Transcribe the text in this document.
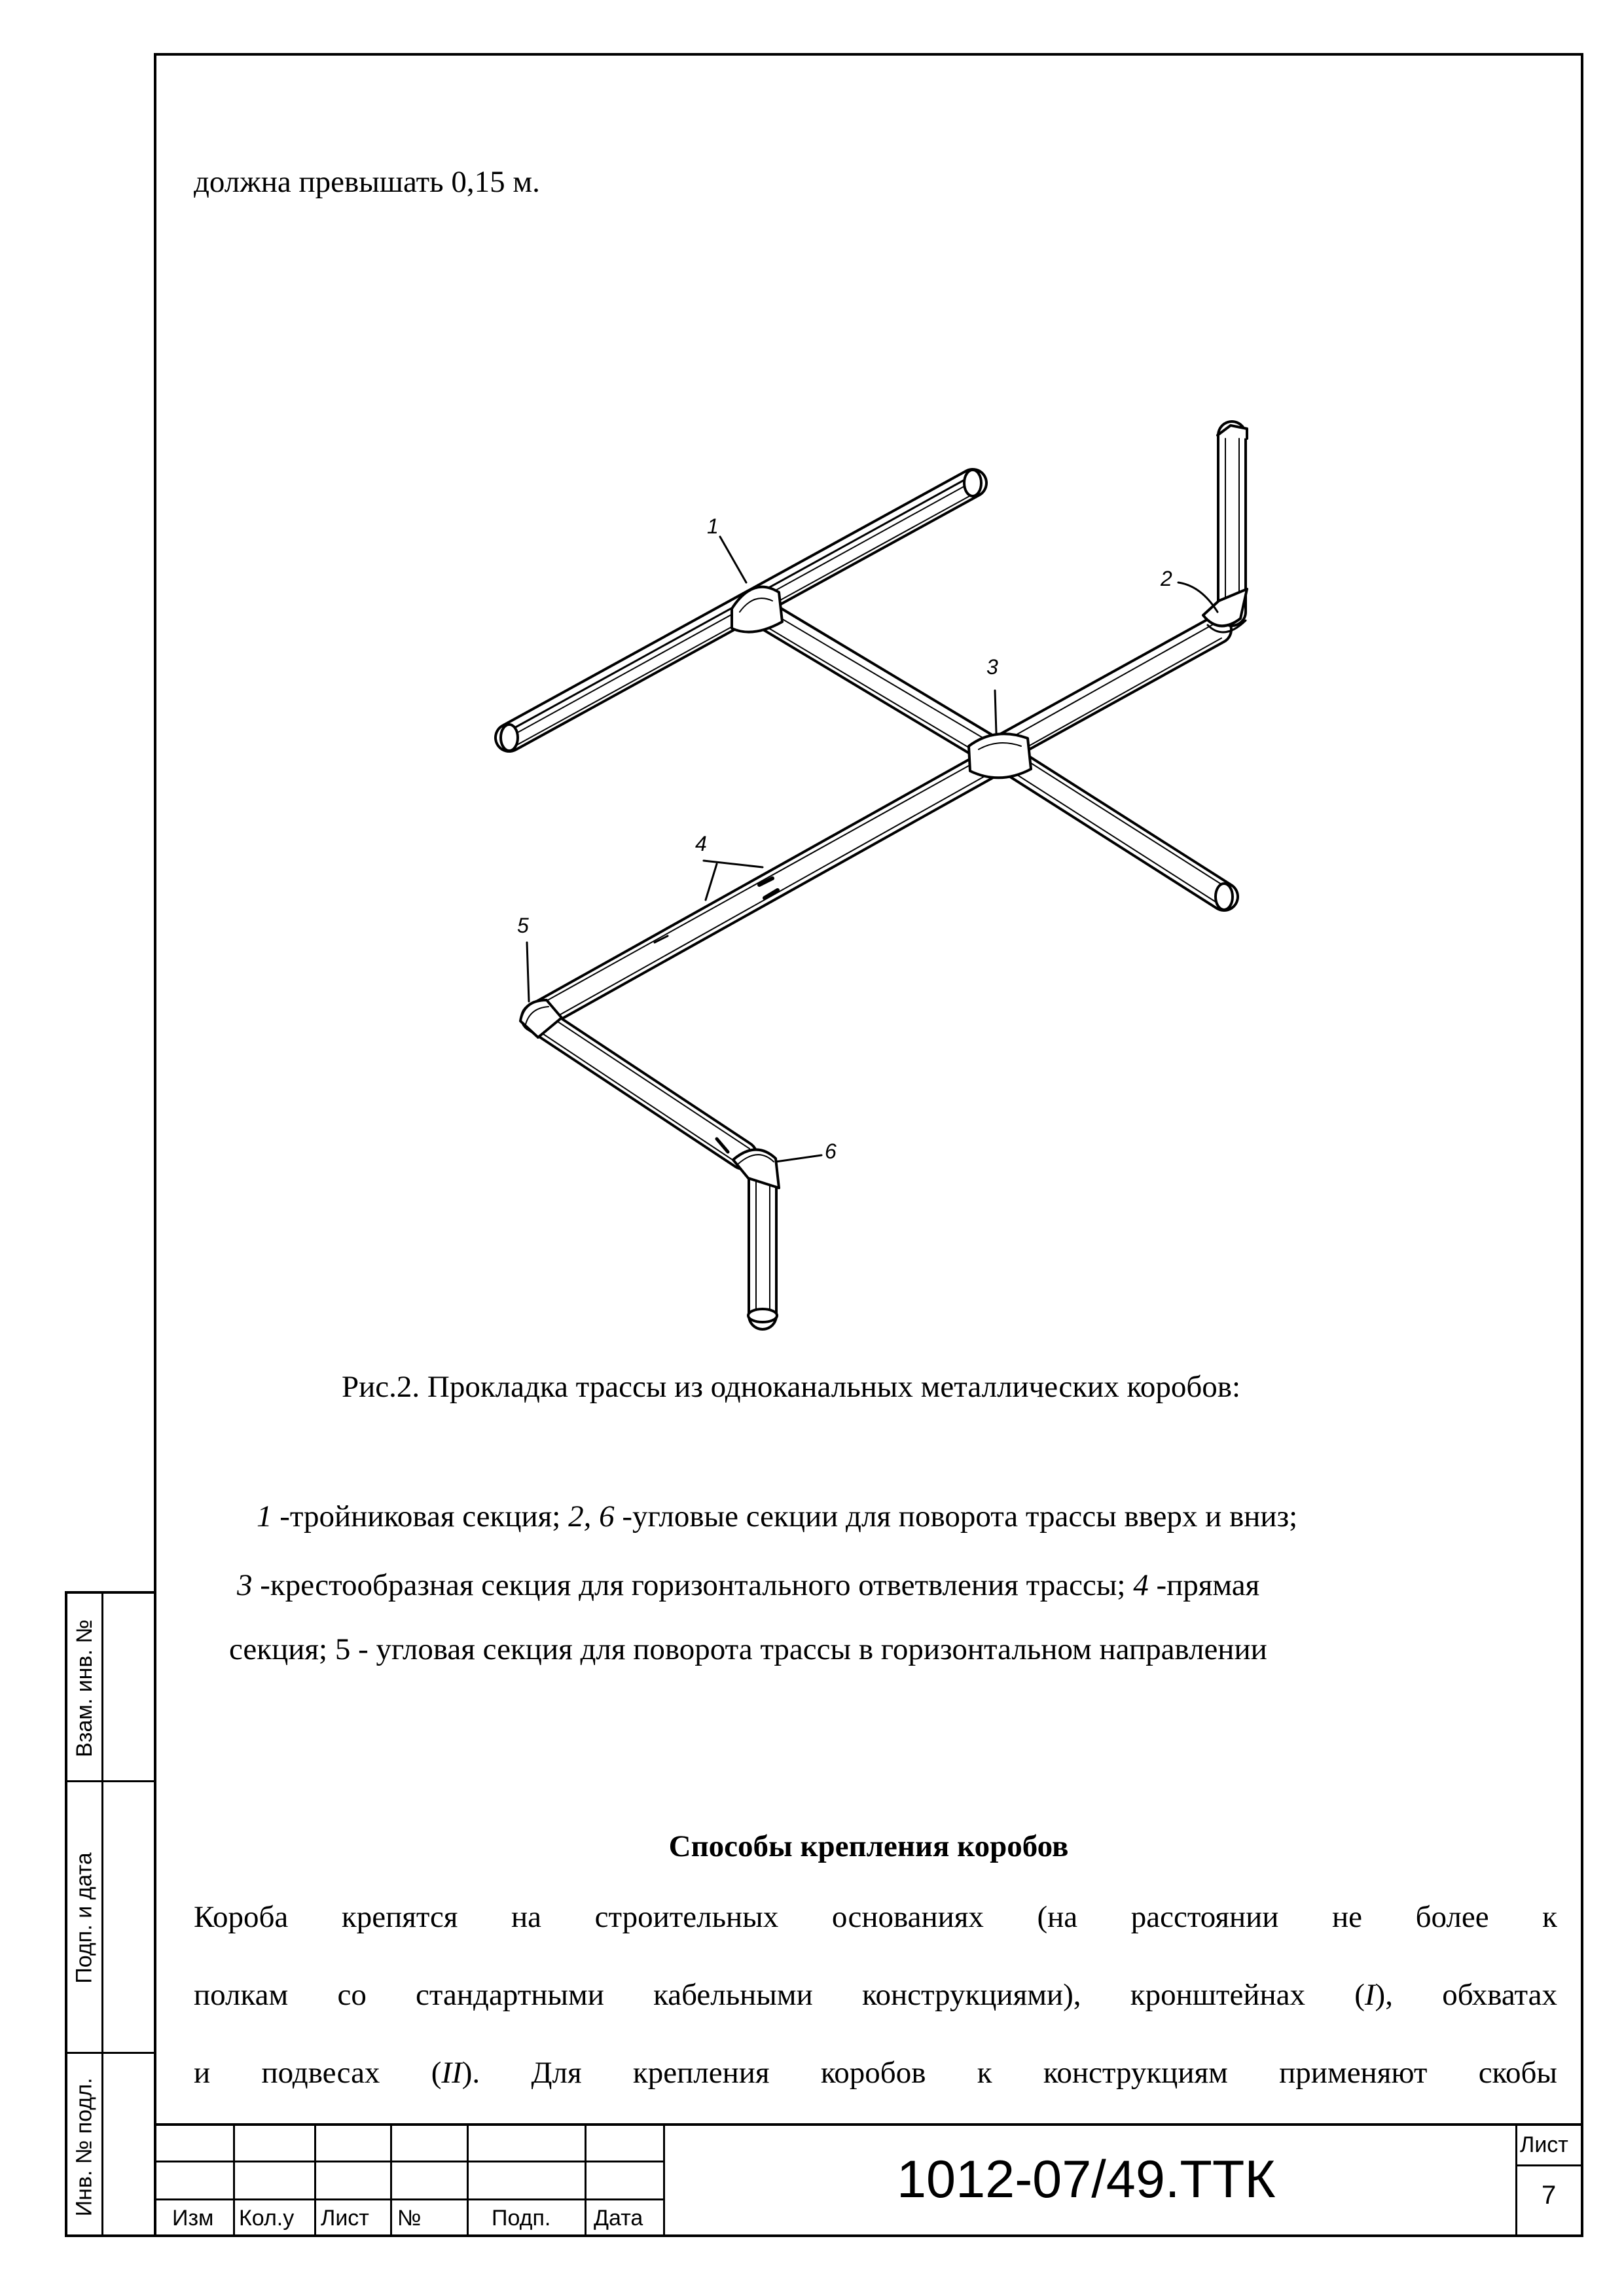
Взам. инв. №
Подп. и дата
Инв. № подл.
должна превышать 0,15 м.
1
2
3
4
5
6
Рис.2. Прокладка трассы из одноканальных металлических коробов:
1 -тройниковая секция; 2, 6 -угловые секции для поворота трассы вверх и вниз;
3 -крестообразная секция для горизонтального ответвления трассы; 4 -прямая
секция; 5 - угловая секция для поворота трассы в горизонтальном направлении
Способы крепления коробов
Короба крепятся на строительных основаниях (на расстоянии не более к
полкам со стандартными кабельными конструкциями), кронштейнах (I), обхватах
и подвесах (II). Для крепления коробов к конструкциям применяют скобы
Изм Кол.у Лист №	Подп. Дата
1012-07/49.ТТК
Лист
7
